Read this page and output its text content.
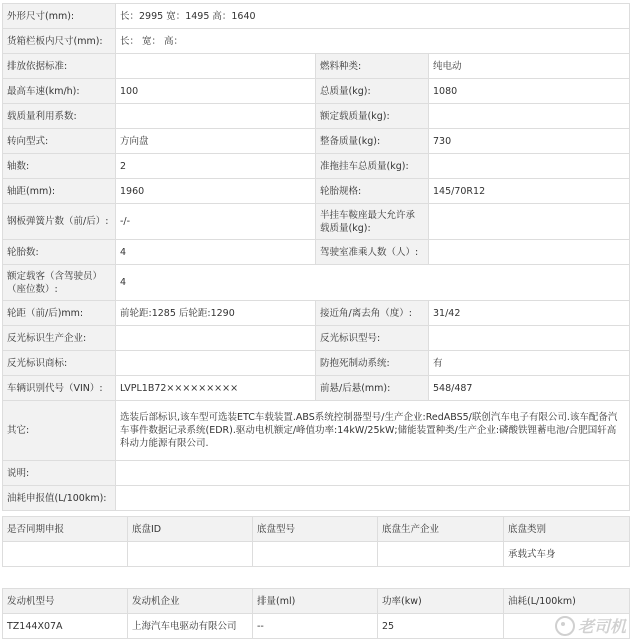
外形尺寸(mm):	长：2995 宽：1495 高：1640		
货箱栏板内尺寸(mm):	长： 宽： 高：		
排放依据标准:		燃料种类:	纯电动
最高车速(km/h):	100	总质量(kg):	1080
载质量利用系数:		额定载质量(kg):	
转向型式:	方向盘	整备质量(kg):	730
轴数:	2	准拖挂车总质量(kg):	
轴距(mm):	1960	轮胎规格:	145/70R12
钢板弹簧片数（前/后）:	-/-	半挂车鞍座最大允许承载质量(kg):	
轮胎数:	4	驾驶室准乘人数（人）:	
额定载客（含驾驶员）（座位数）:	4		
轮距（前/后)mm:	前轮距:1285 后轮距:1290	接近角/离去角（度）:	31/42
反光标识生产企业:		反光标识型号:	
反光标识商标:		防抱死制动系统:	有
车辆识别代号（VIN）:	LVPL1B72×××××××××	前悬/后悬(mm):	548/487
其它:	选装后部标识,该车型可选装ETC车载装置.ABS系统控制器型号/生产企业:RedABS5/联创汽车电子有限公司.该车配备汽车事件数据记录系统(EDR).驱动电机额定/峰值功率:14kW/25kW;储能装置种类/生产企业:磷酸铁锂蓄电池/合肥国轩高科动力能源有限公司.		
说明:			
油耗申报值(L/100km):			
是否同期申报	底盘ID	底盘型号	底盘生产企业	底盘类别
				承载式车身
发动机型号	发动机企业	排量(ml)	功率(kw)	油耗(L/100km)
TZ144X07A	上海汽车电驱动有限公司	--	25		老司机
